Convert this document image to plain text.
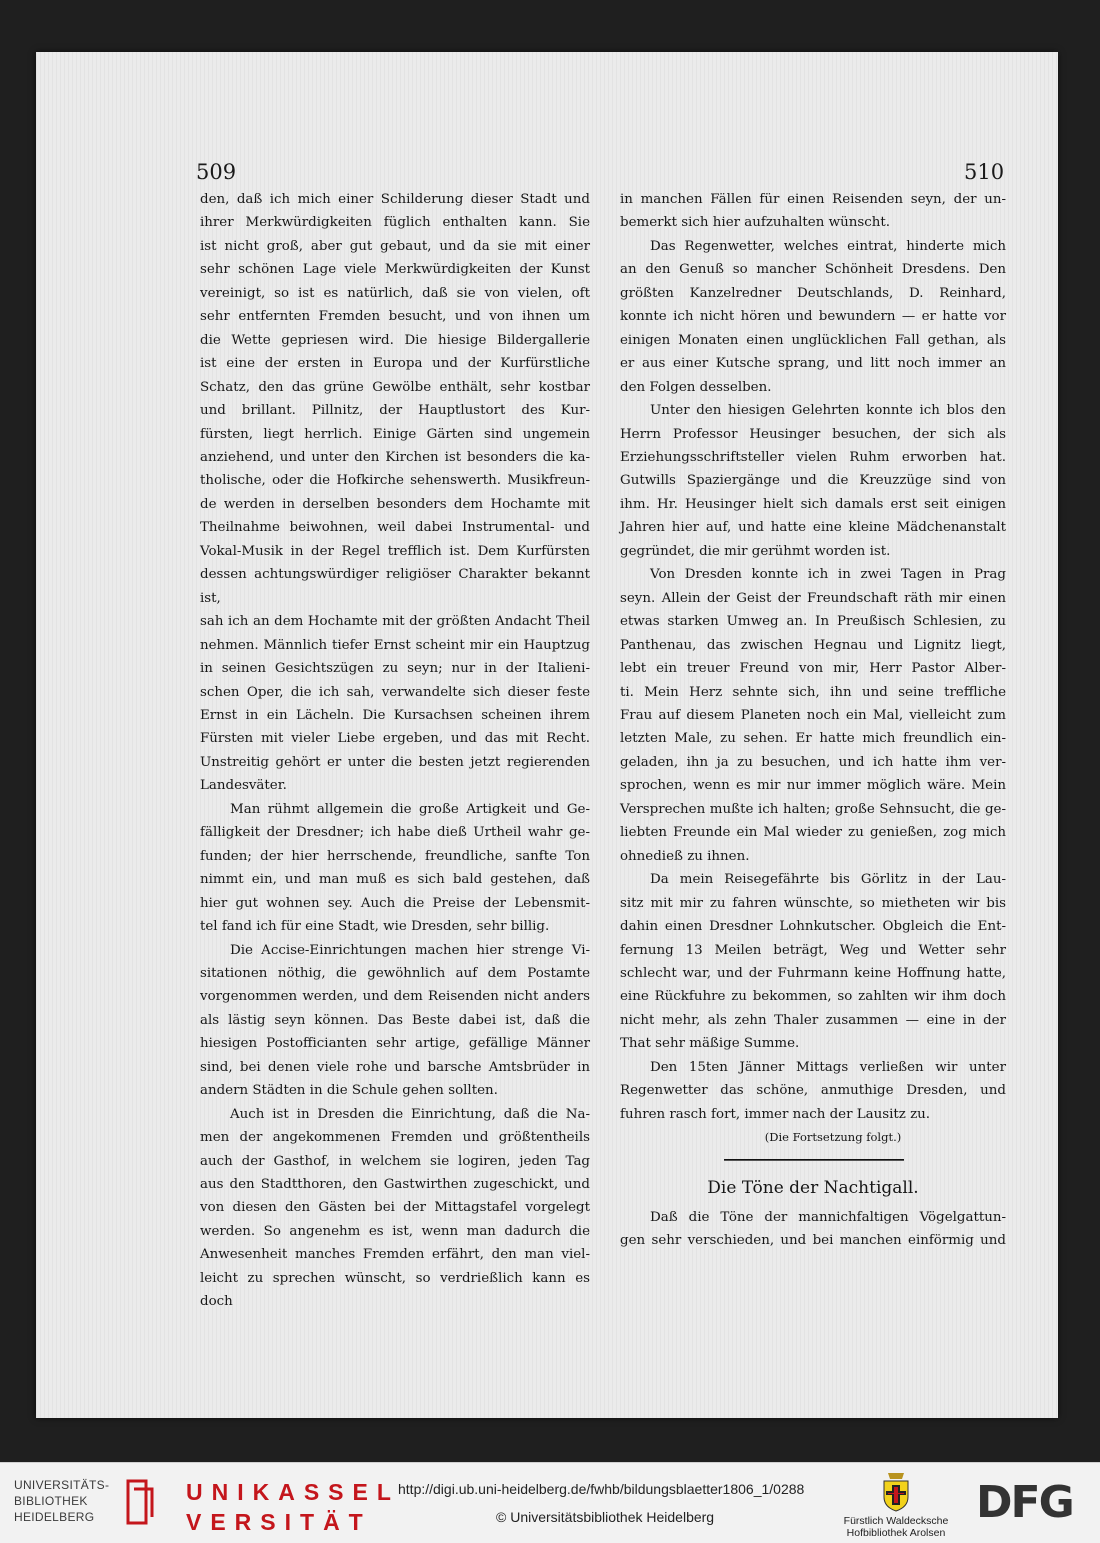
509	510

den, daß ich mich einer Schilderung dieser Stadt und

ihrer Merkwürdigkeiten füglich enthalten kann. Sie

ist nicht groß, aber gut gebaut, und da sie mit einer

sehr schönen Lage viele Merkwürdigkeiten der Kunst

vereinigt, so ist es natürlich, daß sie von vielen, oft

sehr entfernten Fremden besucht, und von ihnen um

die Wette gepriesen wird. Die hiesige Bildergallerie

ist eine der ersten in Europa und der Kurfürstliche

Schatz, den das grüne Gewölbe enthält, sehr kostbar

und brillant. Pillnitz, der Hauptlustort des Kur-

fürsten, liegt herrlich. Einige Gärten sind ungemein

anziehend, und unter den Kirchen ist besonders die ka-

tholische, oder die Hofkirche sehenswerth. Musikfreun-

de werden in derselben besonders dem Hochamte mit

Theilnahme beiwohnen, weil dabei Instrumental- und

Vokal-Musik in der Regel trefflich ist. Dem Kurfürsten

dessen achtungswürdiger religiöser Charakter bekannt ist,

sah ich an dem Hochamte mit der größten Andacht Theil

nehmen. Männlich tiefer Ernst scheint mir ein Hauptzug

in seinen Gesichtszügen zu seyn; nur in der Italieni-

schen Oper, die ich sah, verwandelte sich dieser feste

Ernst in ein Lächeln. Die Kursachsen scheinen ihrem

Fürsten mit vieler Liebe ergeben, und das mit Recht.

Unstreitig gehört er unter die besten jetzt regierenden

Landesväter.

Man rühmt allgemein die große Artigkeit und Ge-

fälligkeit der Dresdner; ich habe dieß Urtheil wahr ge-

funden; der hier herrschende, freundliche, sanfte Ton

nimmt ein, und man muß es sich bald gestehen, daß

hier gut wohnen sey. Auch die Preise der Lebensmit-

tel fand ich für eine Stadt, wie Dresden, sehr billig.

Die Accise-Einrichtungen machen hier strenge Vi-

sitationen nöthig, die gewöhnlich auf dem Postamte

vorgenommen werden, und dem Reisenden nicht anders

als lästig seyn können. Das Beste dabei ist, daß die

hiesigen Postofficianten sehr artige, gefällige Männer

sind, bei denen viele rohe und barsche Amtsbrüder in

andern Städten in die Schule gehen sollten.

Auch ist in Dresden die Einrichtung, daß die Na-

men der angekommenen Fremden und größtentheils

auch der Gasthof, in welchem sie logiren, jeden Tag

aus den Stadtthoren, den Gastwirthen zugeschickt, und

von diesen den Gästen bei der Mittagstafel vorgelegt

werden. So angenehm es ist, wenn man dadurch die

Anwesenheit manches Fremden erfährt, den man viel-

leicht zu sprechen wünscht, so verdrießlich kann es doch

in manchen Fällen für einen Reisenden seyn, der un-

bemerkt sich hier aufzuhalten wünscht.

Das Regenwetter, welches eintrat, hinderte mich

an den Genuß so mancher Schönheit Dresdens. Den

größten Kanzelredner Deutschlands, D. Reinhard,

konnte ich nicht hören und bewundern — er hatte vor

einigen Monaten einen unglücklichen Fall gethan, als

er aus einer Kutsche sprang, und litt noch immer an

den Folgen desselben.

Unter den hiesigen Gelehrten konnte ich blos den

Herrn Professor Heusinger besuchen, der sich als

Erziehungsschriftsteller vielen Ruhm erworben hat.

Gutwills Spaziergänge und die Kreuzzüge sind von

ihm. Hr. Heusinger hielt sich damals erst seit einigen

Jahren hier auf, und hatte eine kleine Mädchenanstalt

gegründet, die mir gerühmt worden ist.

Von Dresden konnte ich in zwei Tagen in Prag

seyn. Allein der Geist der Freundschaft räth mir einen

etwas starken Umweg an. In Preußisch Schlesien, zu

Panthenau, das zwischen Hegnau und Lignitz liegt,

lebt ein treuer Freund von mir, Herr Pastor Alber-

ti. Mein Herz sehnte sich, ihn und seine treffliche

Frau auf diesem Planeten noch ein Mal, vielleicht zum

letzten Male, zu sehen. Er hatte mich freundlich ein-

geladen, ihn ja zu besuchen, und ich hatte ihm ver-

sprochen, wenn es mir nur immer möglich wäre. Mein

Versprechen mußte ich halten; große Sehnsucht, die ge-

liebten Freunde ein Mal wieder zu genießen, zog mich

ohnedieß zu ihnen.

Da mein Reisegefährte bis Görlitz in der Lau-

sitz mit mir zu fahren wünschte, so mietheten wir bis

dahin einen Dresdner Lohnkutscher. Obgleich die Ent-

fernung 13 Meilen beträgt, Weg und Wetter sehr

schlecht war, und der Fuhrmann keine Hoffnung hatte,

eine Rückfuhre zu bekommen, so zahlten wir ihm doch

nicht mehr, als zehn Thaler zusammen — eine in der

That sehr mäßige Summe.

Den 15ten Jänner Mittags verließen wir unter

Regenwetter das schöne, anmuthige Dresden, und

fuhren rasch fort, immer nach der Lausitz zu.

(Die Fortsetzung folgt.)

Die Töne der Nachtigall.

Daß die Töne der mannichfaltigen Vögelgattun-

gen sehr verschieden, und bei manchen einförmig und

UNIVERSITÄTS-
BIBLIOTHEK
HEIDELBERG
UNIKASSEL
VERSITÄT
http://digi.ub.uni-heidelberg.de/fwhb/bildungsblaetter1806_1/0288
© Universitätsbibliothek Heidelberg	Fürstlich Waldecksche
Hofbibliothek Arolsen
DFG
